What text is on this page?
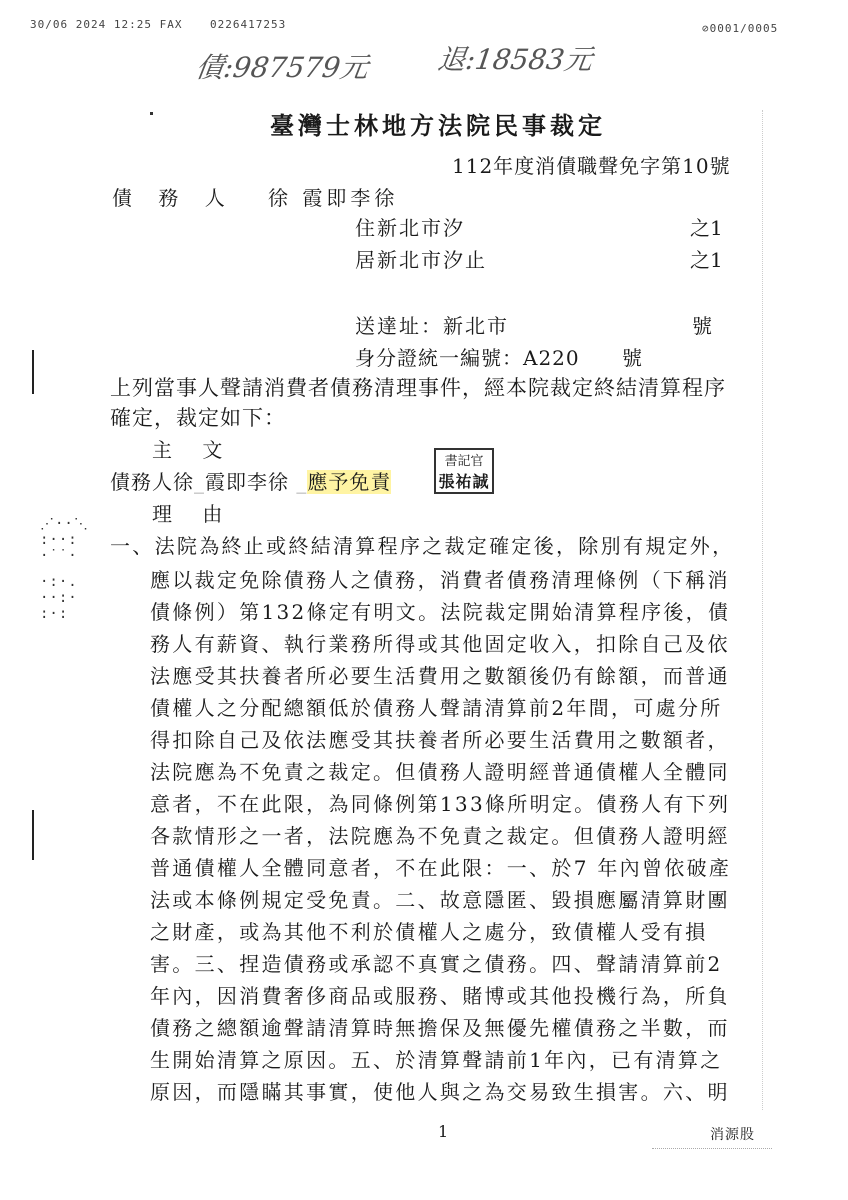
30/06 2024 12:25 FAX	0226417253	⊘0001/0005
債:987579元 退:18583元
臺灣士林地方法院民事裁定
112年度消債職聲免字第10號
債 務 人 徐 霞即李徐
住新北市汐	之1
居新北市汐止	之1
送達址：新北市	號
身分證統一編號：A220 號
上列當事人聲請消費者債務清理事件，經本院裁定終結清算程序
確定，裁定如下：
主 文
債務人徐_霞即李徐 _應予免責
書記官
張祐誠
理 由
⋰··⋱
:··:
·˙˙·
·:·.
··:·
:·:
一、法院為終止或終結清算程序之裁定確定後，除別有規定外，
應以裁定免除債務人之債務，消費者債務清理條例（下稱消
債條例）第132條定有明文。法院裁定開始清算程序後，債
務人有薪資、執行業務所得或其他固定收入，扣除自己及依
法應受其扶養者所必要生活費用之數額後仍有餘額，而普通
債權人之分配總額低於債務人聲請清算前2年間，可處分所
得扣除自己及依法應受其扶養者所必要生活費用之數額者，
法院應為不免責之裁定。但債務人證明經普通債權人全體同
意者，不在此限，為同條例第133條所明定。債務人有下列
各款情形之一者，法院應為不免責之裁定。但債務人證明經
普通債權人全體同意者，不在此限：一、於7 年內曾依破產
法或本條例規定受免責。二、故意隱匿、毀損應屬清算財團
之財產，或為其他不利於債權人之處分，致債權人受有損
害。三、捏造債務或承認不真實之債務。四、聲請清算前2
年內，因消費奢侈商品或服務、賭博或其他投機行為，所負
債務之總額逾聲請清算時無擔保及無優先權債務之半數，而
生開始清算之原因。五、於清算聲請前1年內，已有清算之
原因，而隱瞞其事實，使他人與之為交易致生損害。六、明
1	消源股
